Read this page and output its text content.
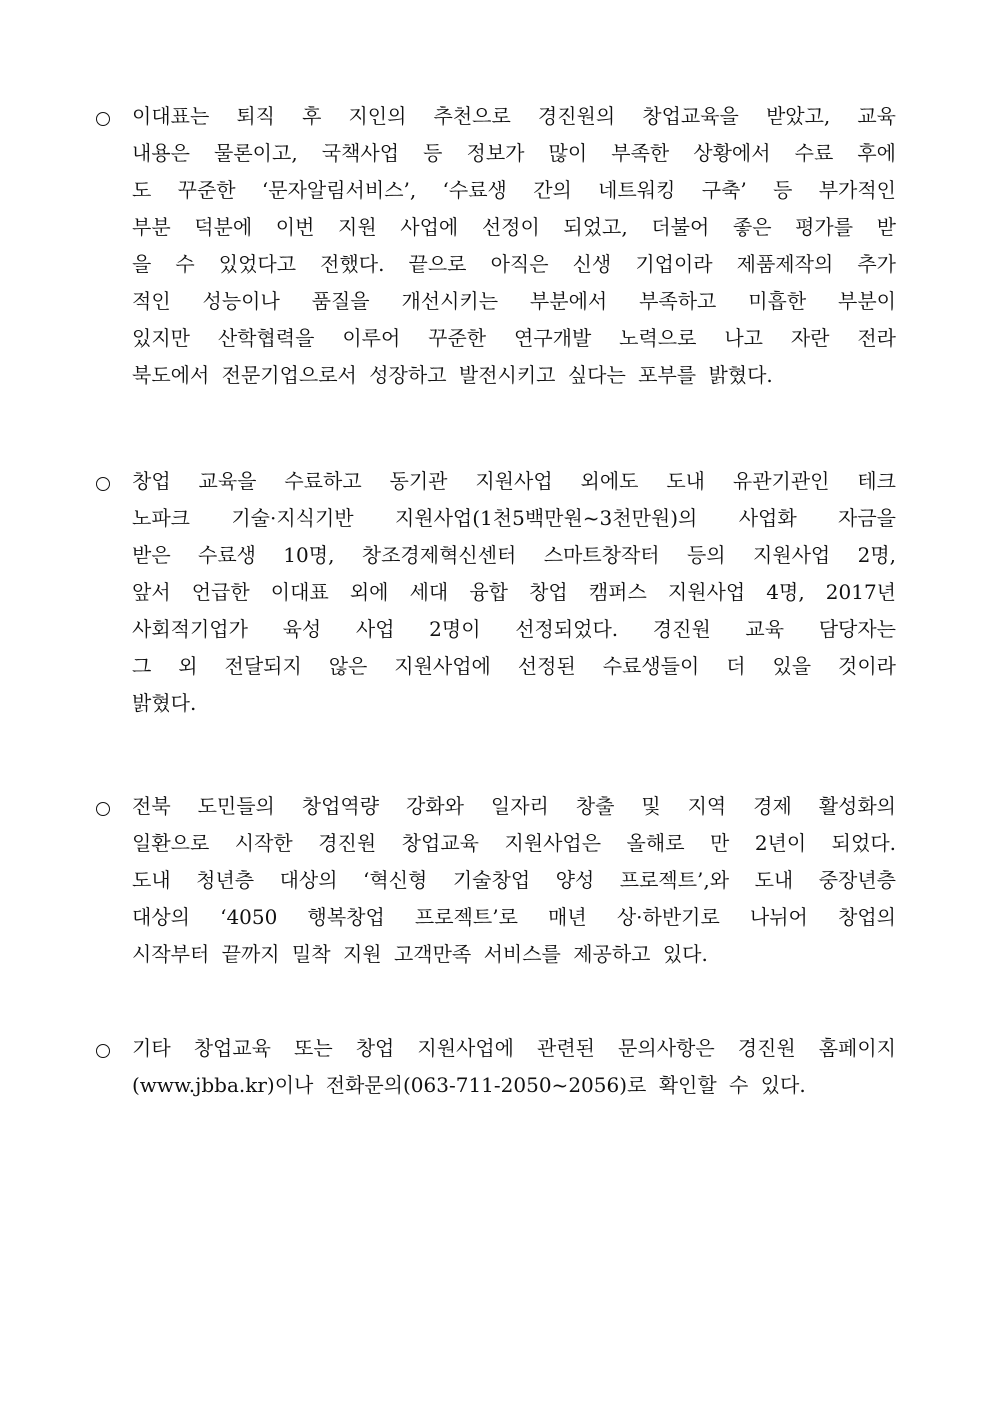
이대표는 퇴직 후 지인의 추천으로 경진원의 창업교육을 받았고, 교육
내용은 물론이고, 국책사업 등 정보가 많이 부족한 상황에서 수료 후에
도 꾸준한 ‘문자알림서비스’, ‘수료생 간의 네트워킹 구축’ 등 부가적인
부분 덕분에 이번 지원 사업에 선정이 되었고, 더불어 좋은 평가를 받
을 수 있었다고 전했다. 끝으로 아직은 신생 기업이라 제품제작의 추가
적인 성능이나 품질을 개선시키는 부분에서 부족하고 미흡한 부분이
있지만 산학협력을 이루어 꾸준한 연구개발 노력으로 나고 자란 전라
북도에서 전문기업으로서 성장하고 발전시키고 싶다는 포부를 밝혔다.
창업 교육을 수료하고 동기관 지원사업 외에도 도내 유관기관인 테크
노파크 기술·지식기반 지원사업(1천5백만원~3천만원)의 사업화 자금을
받은 수료생 10명, 창조경제혁신센터 스마트창작터 등의 지원사업 2명,
앞서 언급한 이대표 외에 세대 융합 창업 캠퍼스 지원사업 4명, 2017년
사회적기업가 육성 사업 2명이 선정되었다. 경진원 교육 담당자는
그 외 전달되지 않은 지원사업에 선정된 수료생들이 더 있을 것이라
밝혔다.
전북 도민들의 창업역량 강화와 일자리 창출 및 지역 경제 활성화의
일환으로 시작한 경진원 창업교육 지원사업은 올해로 만 2년이 되었다.
도내 청년층 대상의 ‘혁신형 기술창업 양성 프로젝트’,와 도내 중장년층
대상의 ‘4050 행복창업 프로젝트’로 매년 상·하반기로 나뉘어 창업의
시작부터 끝까지 밀착 지원 고객만족 서비스를 제공하고 있다.
기타 창업교육 또는 창업 지원사업에 관련된 문의사항은 경진원 홈페이지
(www.jbba.kr)이나 전화문의(063-711-2050~2056)로 확인할 수 있다.
